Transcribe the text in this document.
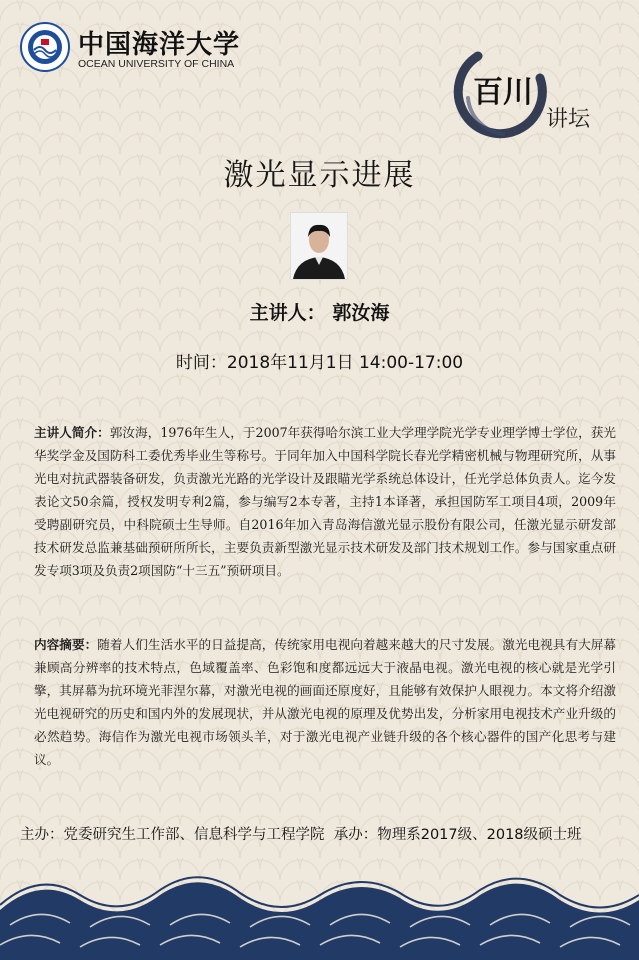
中国海洋大学
OCEAN UNIVERSITY OF CHINA
百川
讲坛
激光显示进展
主讲人： 郭汝海
时间：2018年11月1日 14:00-17:00

主讲人简介：郭汝海，1976年生人，于2007年获得哈尔滨工业大学理学院光学专业理学博士学位，获光华奖学金及国防科工委优秀毕业生等称号。于同年加入中国科学院长春光学精密机械与物理研究所，从事光电对抗武器装备研发，负责激光光路的光学设计及跟瞄光学系统总体设计，任光学总体负责人。迄今发表论文50余篇，授权发明专利2篇，参与编写2本专著，主持1本译著，承担国防军工项目4项，2009年受聘副研究员，中科院硕士生导师。自2016年加入青岛海信激光显示股份有限公司，任激光显示研发部技术研发总监兼基础预研所所长，主要负责新型激光显示技术研发及部门技术规划工作。参与国家重点研发专项3项及负责2项国防“十三五”预研项目。

内容摘要：随着人们生活水平的日益提高，传统家用电视向着越来越大的尺寸发展。激光电视具有大屏幕兼顾高分辨率的技术特点，色域覆盖率、色彩饱和度都远远大于液晶电视。激光电视的核心就是光学引擎，其屏幕为抗环境光菲涅尔幕，对激光电视的画面还原度好，且能够有效保护人眼视力。本文将介绍激光电视研究的历史和国内外的发展现状，并从激光电视的原理及优势出发，分析家用电视技术产业升级的必然趋势。海信作为激光电视市场领头羊，对于激光电视产业链升级的各个核心器件的国产化思考与建议。

主办：党委研究生工作部、信息科学与工程学院 承办：物理系2017级、2018级硕士班
